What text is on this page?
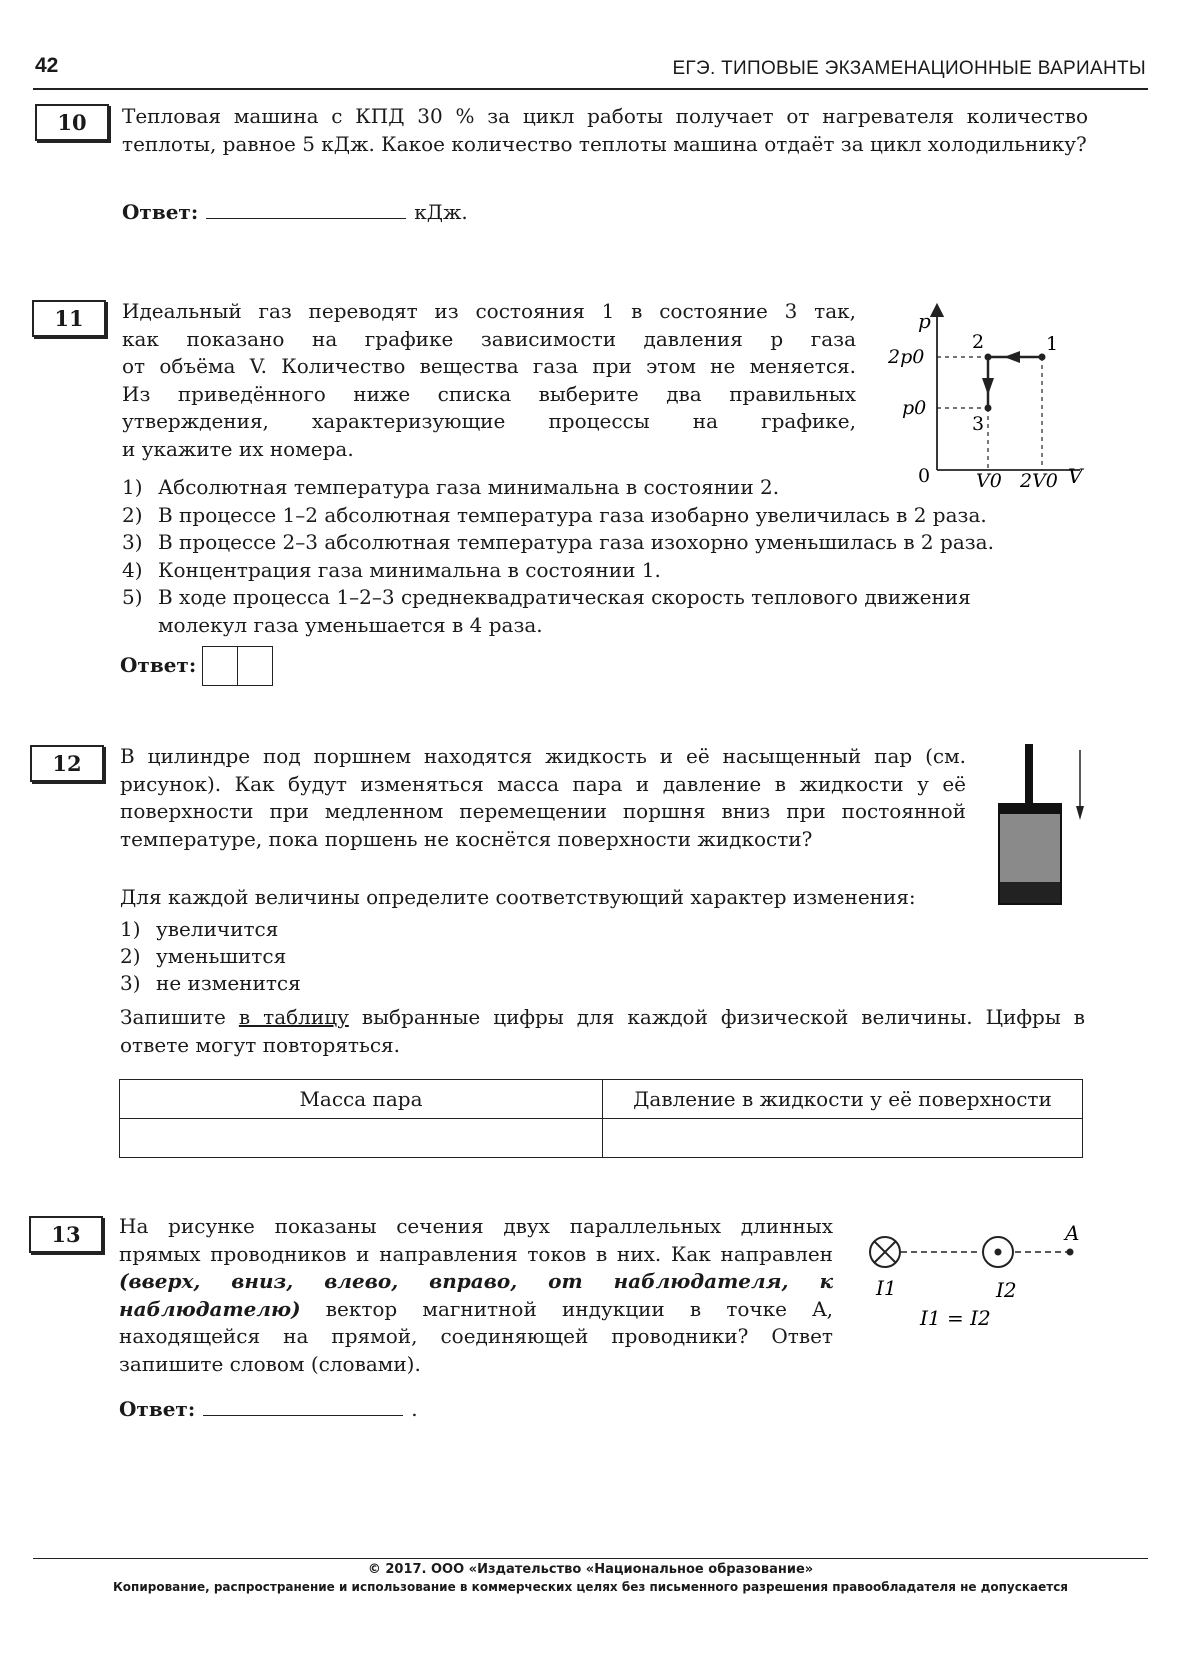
42	ЕГЭ. ТИПОВЫЕ ЭКЗАМЕНАЦИОННЫЕ ВАРИАНТЫ
10	Тепловая машина с КПД 30 % за цикл работы получает от нагревателя количество теплоты, равное 5 кДж. Какое количество теплоты машина отдаёт за цикл холодильнику?
Ответ:	кДж.
11	Идеальный газ переводят из состояния 1 в состояние 3 так,
как показано на графике зависимости давления p газа
от объёма V. Количество вещества газа при этом не меняется.
Из приведённого ниже списка выберите два правильных
утверждения, характеризующие процессы на графике,
и укажите их номера.
p
V
0
2p0
p0
V0 2V0
1
2
3
1) Абсолютная температура газа минимальна в состоянии 2.
2) В процессе 1–2 абсолютная температура газа изобарно увеличилась в 2 раза.
3) В процессе 2–3 абсолютная температура газа изохорно уменьшилась в 2 раза.
4) Концентрация газа минимальна в состоянии 1.
5) В ходе процесса 1–2–3 среднеквадратическая скорость теплового движения
молекул газа уменьшается в 4 раза.
Ответ:
12	В цилиндре под поршнем находятся жидкость и её насыщенный пар (см. рисунок). Как будут изменяться масса пара и давление в жидкости у её поверхности при медленном перемещении поршня вниз при постоянной температуре, пока поршень не коснётся поверхности жидкости?
Для каждой величины определите соответствующий характер изменения:
1) увеличится
2) уменьшится
3) не изменится
Запишите в таблицу выбранные цифры для каждой физической величины. Цифры в ответе могут повторяться.
Масса пара	Давление в жидкости у её поверхности

13	На рисунке показаны сечения двух параллельных длинных прямых проводников и направления токов в них. Как направлен (вверх, вниз, влево, вправо, от наблюдателя, к наблюдателю) вектор магнитной индукции в точке A, находящейся на прямой, соединяющей проводники? Ответ запишите словом (словами).
A
I1	I2
I1 = I2
Ответ:	.
© 2017. ООО «Издательство «Национальное образование»
Копирование, распространение и использование в коммерческих целях без письменного разрешения правообладателя не допускается
